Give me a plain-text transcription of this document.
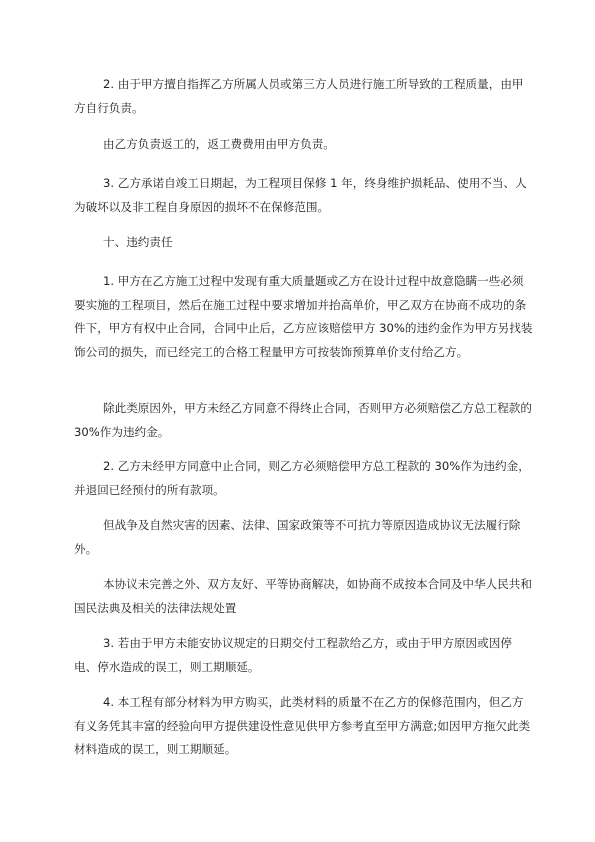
2. 由于甲方擅自指挥乙方所属人员或第三方人员进行施工所导致的工程质量，由甲方自行负责。

由乙方负责返工的，返工费费用由甲方负责。

3. 乙方承诺自竣工日期起，为工程项目保修 1 年，终身维护损耗品、使用不当、人为破坏以及非工程自身原因的损坏不在保修范围。

十、违约责任

1. 甲方在乙方施工过程中发现有重大质量题或乙方在设计过程中故意隐瞒一些必须要实施的工程项目，然后在施工过程中要求增加并抬高单价，甲乙双方在协商不成功的条件下，甲方有权中止合同，合同中止后，乙方应该赔偿甲方 30%的违约金作为甲方另找装饰公司的损失，而已经完工的合格工程量甲方可按装饰预算单价支付给乙方。

除此类原因外，甲方未经乙方同意不得终止合同，否则甲方必须赔偿乙方总工程款的 30%作为违约金。

2. 乙方未经甲方同意中止合同，则乙方必须赔偿甲方总工程款的 30%作为违约金，并退回已经预付的所有款项。

但战争及自然灾害的因素、法律、国家政策等不可抗力等原因造成协议无法履行除外。

本协议未完善之外、双方友好、平等协商解决，如协商不成按本合同及中华人民共和国民法典及相关的法律法规处置

3. 若由于甲方未能安协议规定的日期交付工程款给乙方，或由于甲方原因或因停电、停水造成的误工，则工期顺延。

4. 本工程有部分材料为甲方购买，此类材料的质量不在乙方的保修范围内，但乙方有义务凭其丰富的经验向甲方提供建设性意见供甲方参考直至甲方满意;如因甲方拖欠此类材料造成的误工，则工期顺延。
